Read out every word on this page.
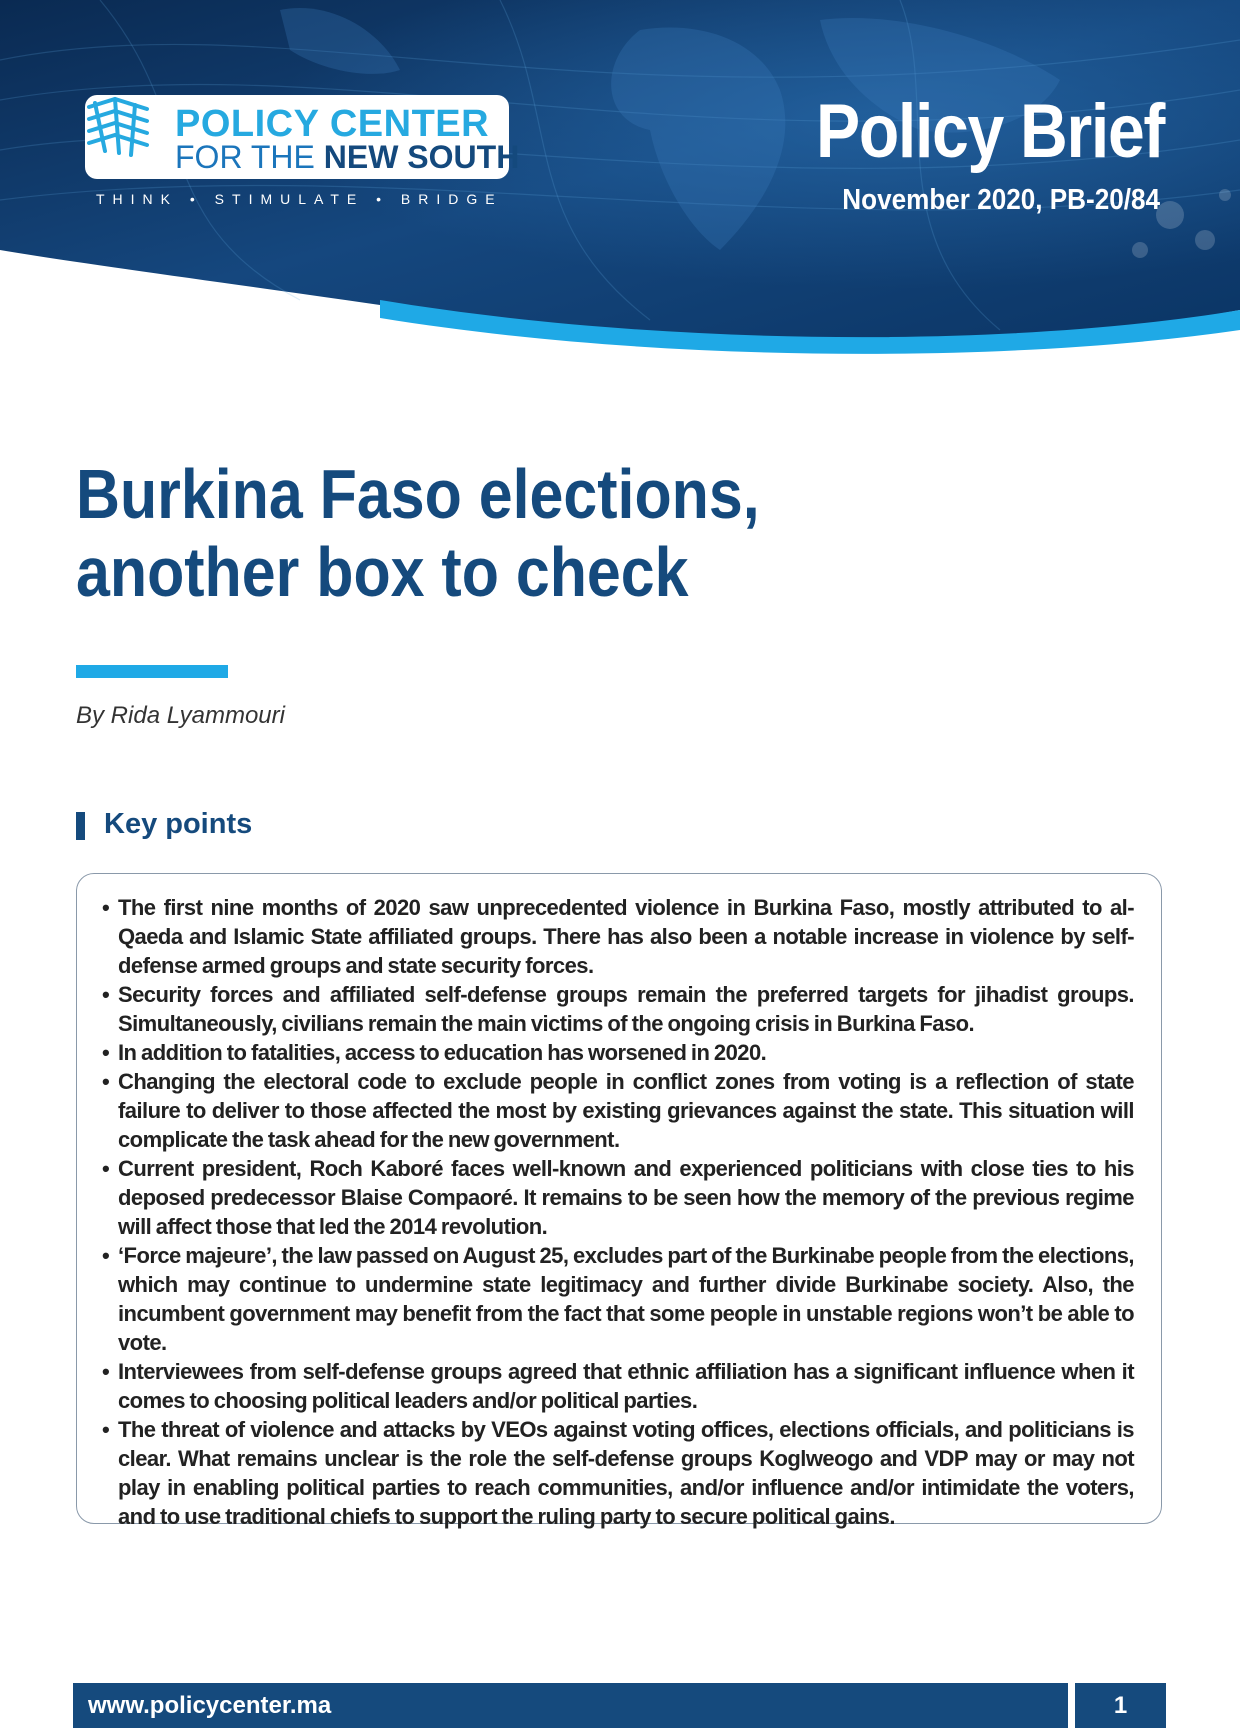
POLICY CENTER
FOR THE NEW SOUTH
THINK • STIMULATE • BRIDGE
Policy Brief
November 2020, PB-20/84
Burkina Faso elections,
another box to check
By Rida Lyammouri
Key points
• The first nine months of 2020 saw unprecedented violence in Burkina Faso, mostly attributed to al-Qaeda and Islamic State affiliated groups. There has also been a notable increase in violence by self-defense armed groups and state security forces.
• Security forces and affiliated self-defense groups remain the preferred targets for jihadist groups. Simultaneously, civilians remain the main victims of the ongoing crisis in Burkina Faso.
• In addition to fatalities, access to education has worsened in 2020.
• Changing the electoral code to exclude people in conflict zones from voting is a reflection of state failure to deliver to those affected the most by existing grievances against the state. This situation will complicate the task ahead for the new government.
• Current president, Roch Kaboré faces well-known and experienced politicians with close ties to his deposed predecessor Blaise Compaoré. It remains to be seen how the memory of the previous regime will affect those that led the 2014 revolution.
• ‘Force majeure’, the law passed on August 25, excludes part of the Burkinabe people from the elections, which may continue to undermine state legitimacy and further divide Burkinabe society. Also, the incumbent government may benefit from the fact that some people in unstable regions won’t be able to vote.
• Interviewees from self-defense groups agreed that ethnic affiliation has a significant influence when it comes to choosing political leaders and/or political parties.
• The threat of violence and attacks by VEOs against voting offices, elections officials, and politicians is clear. What remains unclear is the role the self-defense groups Koglweogo and VDP may or may not play in enabling political parties to reach communities, and/or influence and/or intimidate the voters, and to use traditional chiefs to support the ruling party to secure political gains.
www.policycenter.ma	1
